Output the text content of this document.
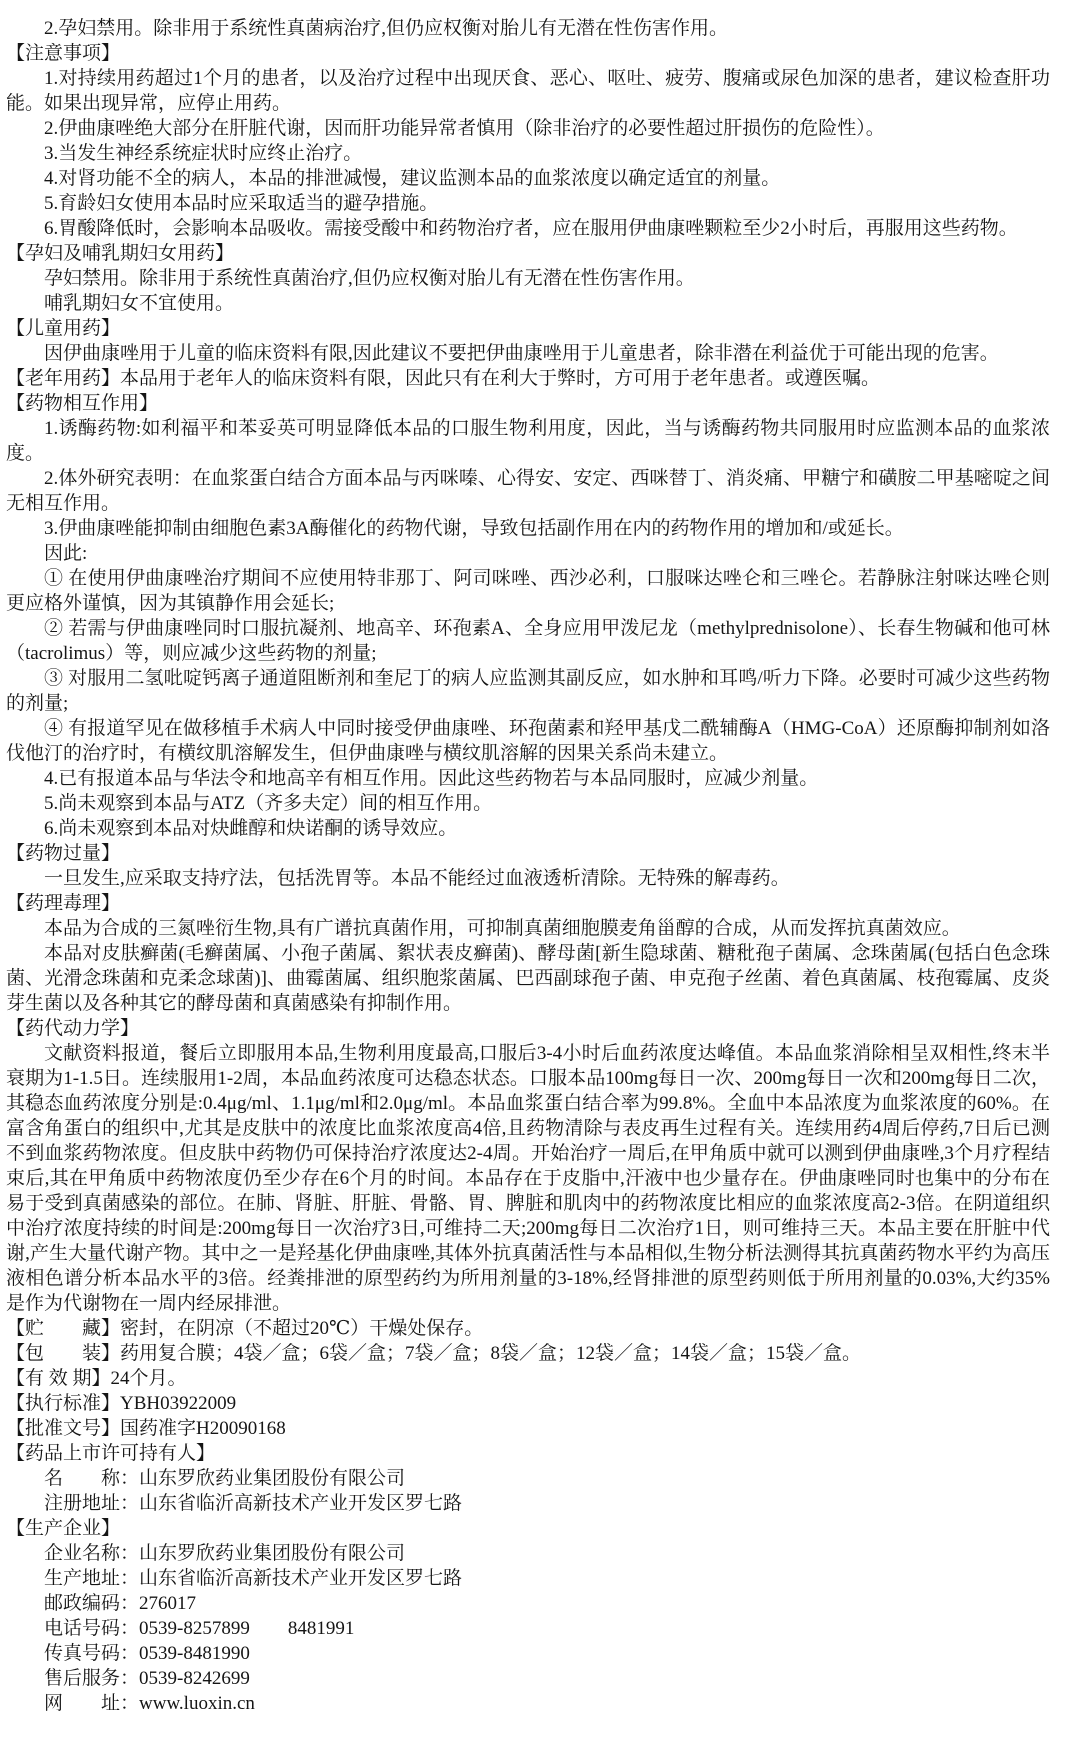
2.孕妇禁用。除非用于系统性真菌病治疗,但仍应权衡对胎儿有无潜在性伤害作用。
【注意事项】
1.对持续用药超过1个月的患者，以及治疗过程中出现厌食、恶心、呕吐、疲劳、腹痛或尿色加深的患者，建议检查肝功能。如果出现异常，应停止用药。
2.伊曲康唑绝大部分在肝脏代谢，因而肝功能异常者慎用（除非治疗的必要性超过肝损伤的危险性）。
3.当发生神经系统症状时应终止治疗。
4.对肾功能不全的病人，本品的排泄减慢，建议监测本品的血浆浓度以确定适宜的剂量。
5.育龄妇女使用本品时应采取适当的避孕措施。
6.胃酸降低时，会影响本品吸收。需接受酸中和药物治疗者，应在服用伊曲康唑颗粒至少2小时后，再服用这些药物。
【孕妇及哺乳期妇女用药】
孕妇禁用。除非用于系统性真菌治疗,但仍应权衡对胎儿有无潜在性伤害作用。
哺乳期妇女不宜使用。
【儿童用药】
因伊曲康唑用于儿童的临床资料有限,因此建议不要把伊曲康唑用于儿童患者，除非潜在利益优于可能出现的危害。
【老年用药】本品用于老年人的临床资料有限，因此只有在利大于弊时，方可用于老年患者。或遵医嘱。
【药物相互作用】
1.诱酶药物:如利福平和苯妥英可明显降低本品的口服生物利用度，因此，当与诱酶药物共同服用时应监测本品的血浆浓度。
2.体外研究表明：在血浆蛋白结合方面本品与丙咪嗪、心得安、安定、西咪替丁、消炎痛、甲糖宁和磺胺二甲基嘧啶之间无相互作用。
3.伊曲康唑能抑制由细胞色素3A酶催化的药物代谢，导致包括副作用在内的药物作用的增加和/或延长。
因此:
① 在使用伊曲康唑治疗期间不应使用特非那丁、阿司咪唑、西沙必利，口服咪达唑仑和三唑仑。若静脉注射咪达唑仑则更应格外谨慎，因为其镇静作用会延长;
② 若需与伊曲康唑同时口服抗凝剂、地高辛、环孢素A、全身应用甲泼尼龙（methylprednisolone）、长春生物碱和他可林（tacrolimus）等，则应减少这些药物的剂量;
③ 对服用二氢吡啶钙离子通道阻断剂和奎尼丁的病人应监测其副反应，如水肿和耳鸣/听力下降。必要时可减少这些药物的剂量;
④ 有报道罕见在做移植手术病人中同时接受伊曲康唑、环孢菌素和羟甲基戊二酰辅酶A（HMG-CoA）还原酶抑制剂如洛伐他汀的治疗时，有横纹肌溶解发生，但伊曲康唑与横纹肌溶解的因果关系尚未建立。
4.已有报道本品与华法令和地高辛有相互作用。因此这些药物若与本品同服时，应减少剂量。
5.尚未观察到本品与ATZ（齐多夫定）间的相互作用。
6.尚未观察到本品对炔雌醇和炔诺酮的诱导效应。
【药物过量】
一旦发生,应采取支持疗法，包括洗胃等。本品不能经过血液透析清除。无特殊的解毒药。
【药理毒理】
本品为合成的三氮唑衍生物,具有广谱抗真菌作用，可抑制真菌细胞膜麦角甾醇的合成，从而发挥抗真菌效应。
本品对皮肤癣菌(毛癣菌属、小孢子菌属、絮状表皮癣菌)、酵母菌[新生隐球菌、糖秕孢子菌属、念珠菌属(包括白色念珠菌、光滑念珠菌和克柔念球菌)]、曲霉菌属、组织胞浆菌属、巴西副球孢子菌、申克孢子丝菌、着色真菌属、枝孢霉属、皮炎芽生菌以及各种其它的酵母菌和真菌感染有抑制作用。
【药代动力学】
文献资料报道，餐后立即服用本品,生物利用度最高,口服后3-4小时后血药浓度达峰值。本品血浆消除相呈双相性,终末半衰期为1-1.5日。连续服用1-2周，本品血药浓度可达稳态状态。口服本品100mg每日一次、200mg每日一次和200mg每日二次，其稳态血药浓度分别是:0.4μg/ml、1.1μg/ml和2.0μg/ml。本品血浆蛋白结合率为99.8%。全血中本品浓度为血浆浓度的60%。在富含角蛋白的组织中,尤其是皮肤中的浓度比血浆浓度高4倍,且药物清除与表皮再生过程有关。连续用药4周后停药,7日后已测不到血浆药物浓度。但皮肤中药物仍可保持治疗浓度达2-4周。开始治疗一周后,在甲角质中就可以测到伊曲康唑,3个月疗程结束后,其在甲角质中药物浓度仍至少存在6个月的时间。本品存在于皮脂中,汗液中也少量存在。伊曲康唑同时也集中的分布在易于受到真菌感染的部位。在肺、肾脏、肝脏、骨骼、胃、脾脏和肌肉中的药物浓度比相应的血浆浓度高2-3倍。在阴道组织中治疗浓度持续的时间是:200mg每日一次治疗3日,可维持二天;200mg每日二次治疗1日，则可维持三天。本品主要在肝脏中代谢,产生大量代谢产物。其中之一是羟基化伊曲康唑,其体外抗真菌活性与本品相似,生物分析法测得其抗真菌药物水平约为高压液相色谱分析本品水平的3倍。经粪排泄的原型药约为所用剂量的3-18%,经肾排泄的原型药则低于所用剂量的0.03%,大约35%是作为代谢物在一周内经尿排泄。
【贮　　藏】密封，在阴凉（不超过20℃）干燥处保存。
【包　　装】药用复合膜；4袋／盒；6袋／盒；7袋／盒；8袋／盒；12袋／盒；14袋／盒；15袋／盒。
【有 效 期】24个月。
【执行标准】YBH03922009
【批准文号】国药准字H20090168
【药品上市许可持有人】
名　　称：山东罗欣药业集团股份有限公司
注册地址：山东省临沂高新技术产业开发区罗七路
【生产企业】
企业名称：山东罗欣药业集团股份有限公司
生产地址：山东省临沂高新技术产业开发区罗七路
邮政编码：276017
电话号码：0539-8257899　　8481991
传真号码：0539-8481990
售后服务：0539-8242699
网　　址：www.luoxin.cn
